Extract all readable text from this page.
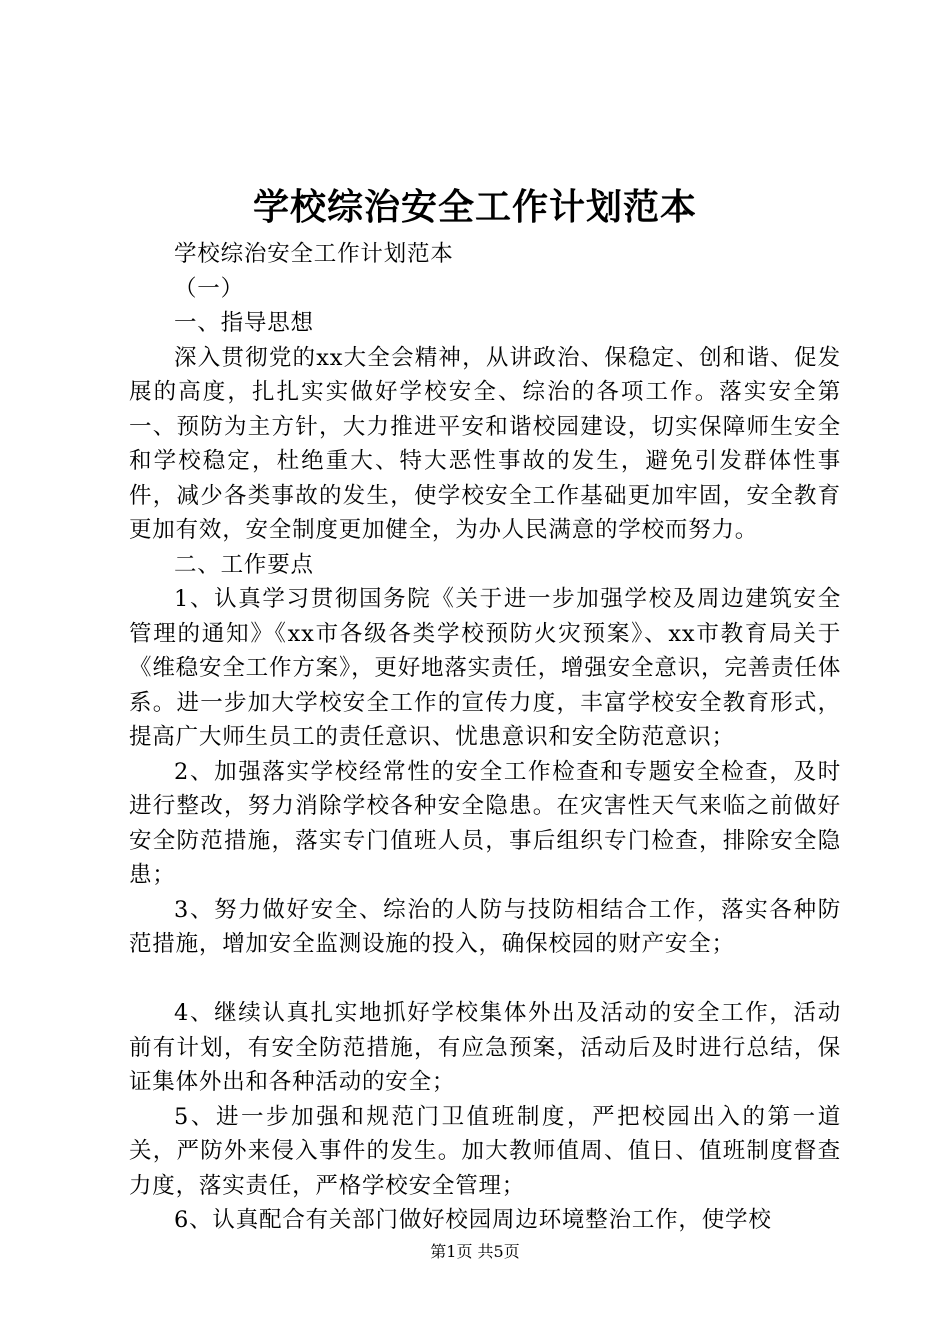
学校综治安全工作计划范本

学校综治安全工作计划范本

（一）

一、指导思想

深入贯彻党的xx大全会精神，从讲政治、保稳定、创和谐、促发展的高度，扎扎实实做好学校安全、综治的各项工作。落实安全第一、预防为主方针，大力推进平安和谐校园建设，切实保障师生安全和学校稳定，杜绝重大、特大恶性事故的发生，避免引发群体性事件，减少各类事故的发生，使学校安全工作基础更加牢固，安全教育更加有效，安全制度更加健全，为办人民满意的学校而努力。

二、工作要点

1、认真学习贯彻国务院《关于进一步加强学校及周边建筑安全管理的通知》《xx市各级各类学校预防火灾预案》、xx市教育局关于《维稳安全工作方案》，更好地落实责任，增强安全意识，完善责任体系。进一步加大学校安全工作的宣传力度，丰富学校安全教育形式，提高广大师生员工的责任意识、忧患意识和安全防范意识；

2、加强落实学校经常性的安全工作检查和专题安全检查，及时进行整改，努力消除学校各种安全隐患。在灾害性天气来临之前做好安全防范措施，落实专门值班人员，事后组织专门检查，排除安全隐患；

3、努力做好安全、综治的人防与技防相结合工作，落实各种防范措施，增加安全监测设施的投入，确保校园的财产安全；

4、继续认真扎实地抓好学校集体外出及活动的安全工作，活动前有计划，有安全防范措施，有应急预案，活动后及时进行总结，保证集体外出和各种活动的安全；

5、进一步加强和规范门卫值班制度，严把校园出入的第一道关，严防外来侵入事件的发生。加大教师值周、值日、值班制度督查力度，落实责任，严格学校安全管理；

6、认真配合有关部门做好校园周边环境整治工作，使学校

第1页 共5页
